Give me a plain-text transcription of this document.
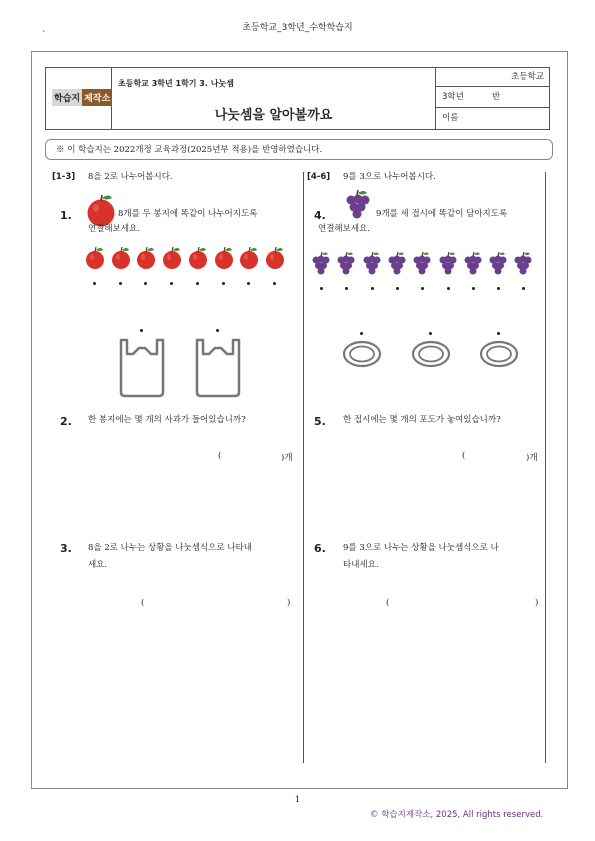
초등학교_3학년_수학학습지
`
학습지 제작소
초등학교 3학년 1학기 3. 나눗셈
나눗셈을 알아볼까요
초등학교
3학년	반
이름
※ 이 학습지는 2022개정 교육과정(2025년부 적용)을 반영하였습니다.
[1-3] 8을 2로 나누어봅시다.
1.	8개를 두 봉지에 똑같이 나누어지도록
연결해보세요.
2. 한 봉지에는 몇 개의 사과가 들어있습니까?
(	)개
3. 8을 2로 나누는 상황을 나눗셈식으로 나타내
세요.
(	)
[4-6] 9를 3으로 나누어봅시다.
4.	9개를 세 접시에 똑같이 담아지도록
연결해보세요.
5. 한 접시에는 몇 개의 포도가 놓여있습니까?
(	)개
6. 9를 3으로 나누는 상황을 나눗셈식으로 나
타내세요.
(	)
1
© 학습지제작소, 2025, All rights reserved.
